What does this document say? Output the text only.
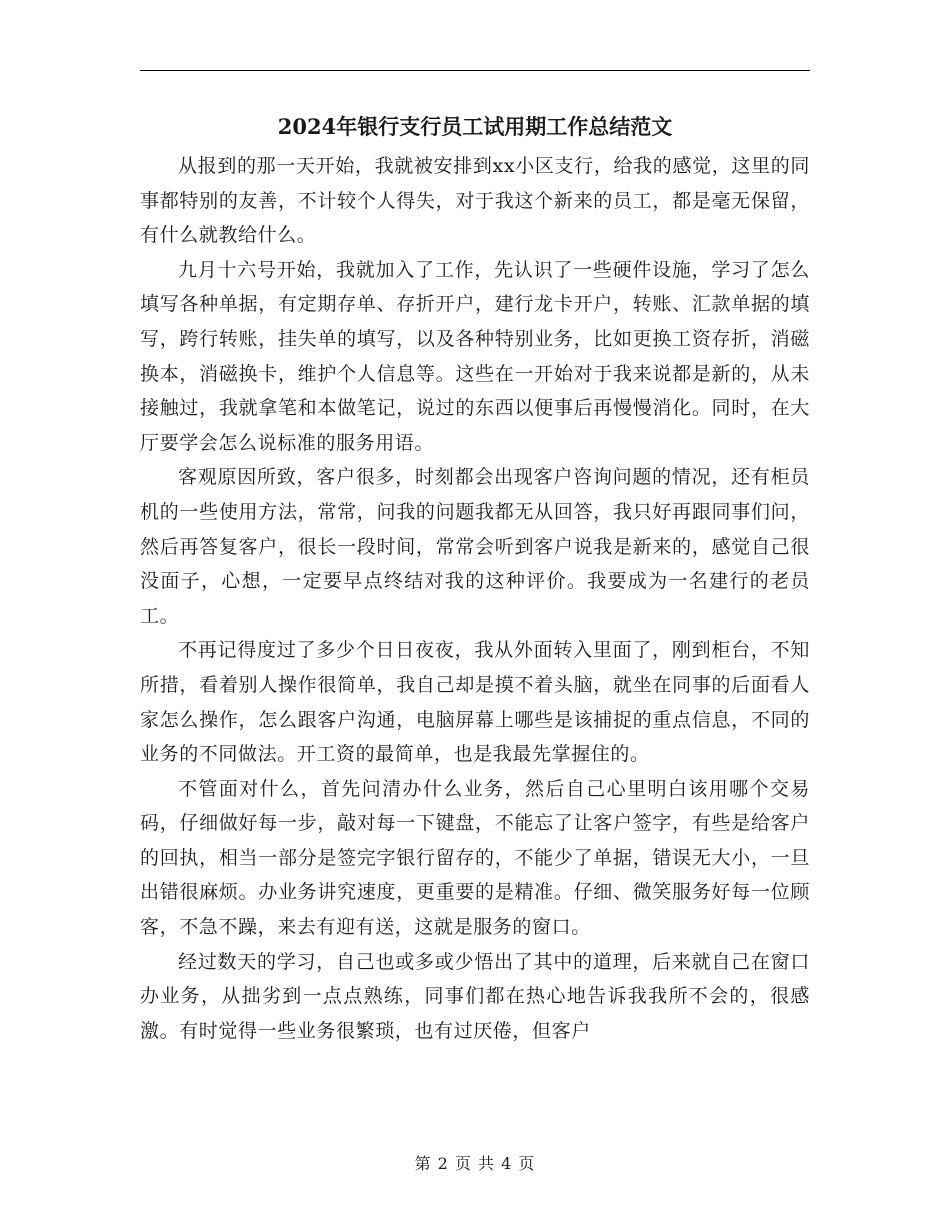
2024年银行支行员工试用期工作总结范文

从报到的那一天开始，我就被安排到xx小区支行，给我的感觉，这里的同事都特别的友善，不计较个人得失，对于我这个新来的员工，都是毫无保留，有什么就教给什么。

九月十六号开始，我就加入了工作，先认识了一些硬件设施，学习了怎么填写各种单据，有定期存单、存折开户，建行龙卡开户，转账、汇款单据的填写，跨行转账，挂失单的填写，以及各种特别业务，比如更换工资存折，消磁换本，消磁换卡，维护个人信息等。这些在一开始对于我来说都是新的，从未接触过，我就拿笔和本做笔记，说过的东西以便事后再慢慢消化。同时，在大厅要学会怎么说标准的服务用语。

客观原因所致，客户很多，时刻都会出现客户咨询问题的情况，还有柜员机的一些使用方法，常常，问我的问题我都无从回答，我只好再跟同事们问，然后再答复客户，很长一段时间，常常会听到客户说我是新来的，感觉自己很没面子，心想，一定要早点终结对我的这种评价。我要成为一名建行的老员工。

不再记得度过了多少个日日夜夜，我从外面转入里面了，刚到柜台，不知所措，看着别人操作很简单，我自己却是摸不着头脑，就坐在同事的后面看人家怎么操作，怎么跟客户沟通，电脑屏幕上哪些是该捕捉的重点信息，不同的业务的不同做法。开工资的最简单，也是我最先掌握住的。

不管面对什么，首先问清办什么业务，然后自己心里明白该用哪个交易码，仔细做好每一步，敲对每一下键盘，不能忘了让客户签字，有些是给客户的回执，相当一部分是签完字银行留存的，不能少了单据，错误无大小，一旦出错很麻烦。办业务讲究速度，更重要的是精准。仔细、微笑服务好每一位顾客，不急不躁，来去有迎有送，这就是服务的窗口。

经过数天的学习，自己也或多或少悟出了其中的道理，后来就自己在窗口办业务，从拙劣到一点点熟练，同事们都在热心地告诉我我所不会的，很感激。有时觉得一些业务很繁琐，也有过厌倦，但客户

第 2 页 共 4 页
